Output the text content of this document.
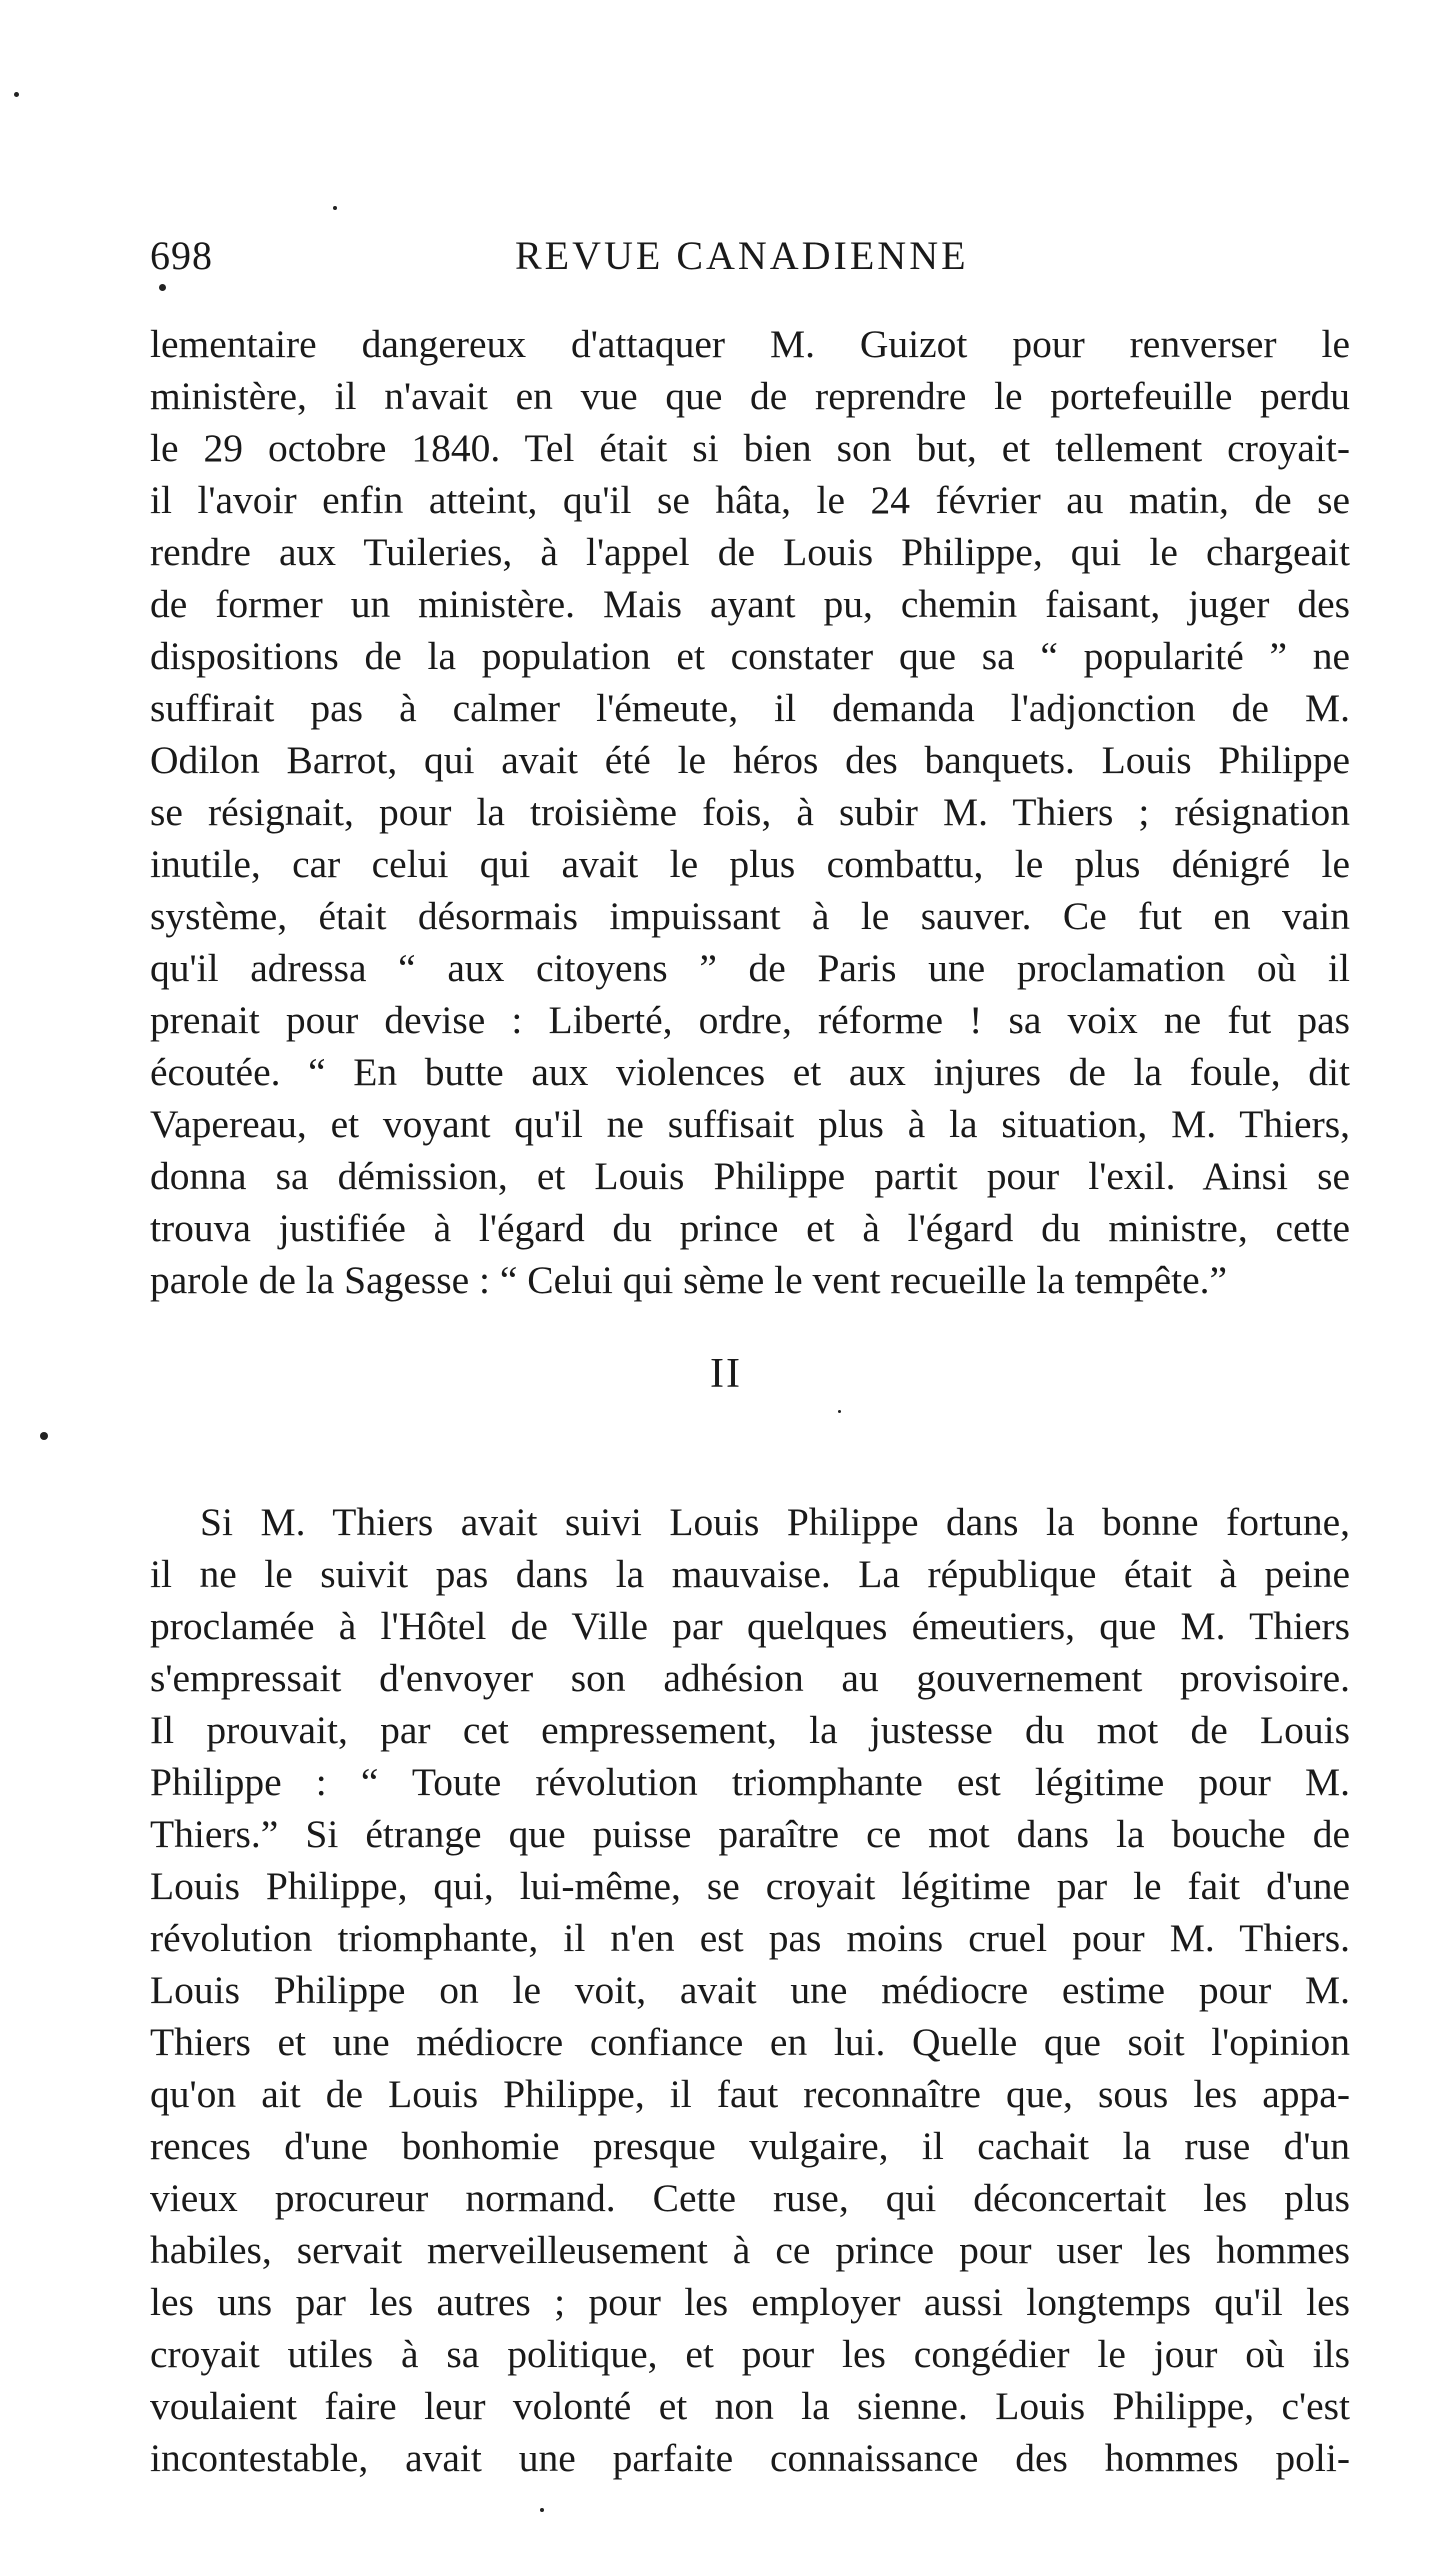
698	REVUE CANADIENNE
lementaire dangereux d'attaquer M. Guizot pour renverser le
ministère, il n'avait en vue que de reprendre le portefeuille perdu
le 29 octobre 1840. Tel était si bien son but, et tellement croyait-
il l'avoir enfin atteint, qu'il se hâta, le 24 février au matin, de se
rendre aux Tuileries, à l'appel de Louis Philippe, qui le chargeait
de former un ministère. Mais ayant pu, chemin faisant, juger des
dispositions de la population et constater que sa “ popularité ” ne
suffirait pas à calmer l'émeute, il demanda l'adjonction de M.
Odilon Barrot, qui avait été le héros des banquets. Louis Philippe
se résignait, pour la troisième fois, à subir M. Thiers ; résignation
inutile, car celui qui avait le plus combattu, le plus dénigré le
système, était désormais impuissant à le sauver. Ce fut en vain
qu'il adressa “ aux citoyens ” de Paris une proclamation où il
prenait pour devise : Liberté, ordre, réforme ! sa voix ne fut pas
écoutée. “ En butte aux violences et aux injures de la foule, dit
Vapereau, et voyant qu'il ne suffisait plus à la situation, M. Thiers,
donna sa démission, et Louis Philippe partit pour l'exil. Ainsi se
trouva justifiée à l'égard du prince et à l'égard du ministre, cette
parole de la Sagesse : “ Celui qui sème le vent recueille la tempête.”
II
Si M. Thiers avait suivi Louis Philippe dans la bonne fortune,
il ne le suivit pas dans la mauvaise. La république était à peine
proclamée à l'Hôtel de Ville par quelques émeutiers, que M. Thiers
s'empressait d'envoyer son adhésion au gouvernement provisoire.
Il prouvait, par cet empressement, la justesse du mot de Louis
Philippe : “ Toute révolution triomphante est légitime pour M.
Thiers.” Si étrange que puisse paraître ce mot dans la bouche de
Louis Philippe, qui, lui-même, se croyait légitime par le fait d'une
révolution triomphante, il n'en est pas moins cruel pour M. Thiers.
Louis Philippe on le voit, avait une médiocre estime pour M.
Thiers et une médiocre confiance en lui. Quelle que soit l'opinion
qu'on ait de Louis Philippe, il faut reconnaître que, sous les appa-
rences d'une bonhomie presque vulgaire, il cachait la ruse d'un
vieux procureur normand. Cette ruse, qui déconcertait les plus
habiles, servait merveilleusement à ce prince pour user les hommes
les uns par les autres ; pour les employer aussi longtemps qu'il les
croyait utiles à sa politique, et pour les congédier le jour où ils
voulaient faire leur volonté et non la sienne. Louis Philippe, c'est
incontestable, avait une parfaite connaissance des hommes poli-
